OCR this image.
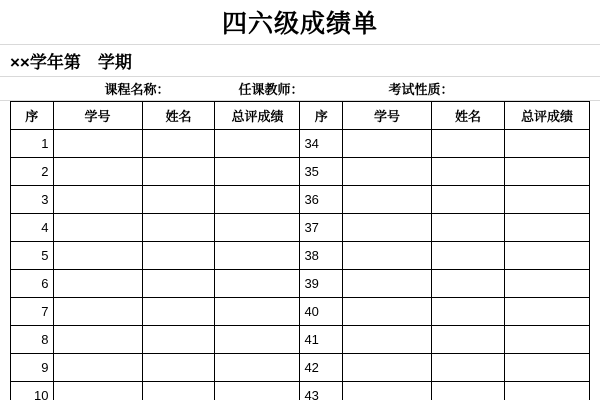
四六级成绩单
××学年第　学期
课程名称：	任课教师：	考试性质：
序	学号	姓名	总评成绩	序	学号	姓名	总评成绩
1				34			
2				35			
3				36			
4				37			
5				38			
6				39			
7				40			
8				41			
9				42			
10				43			
